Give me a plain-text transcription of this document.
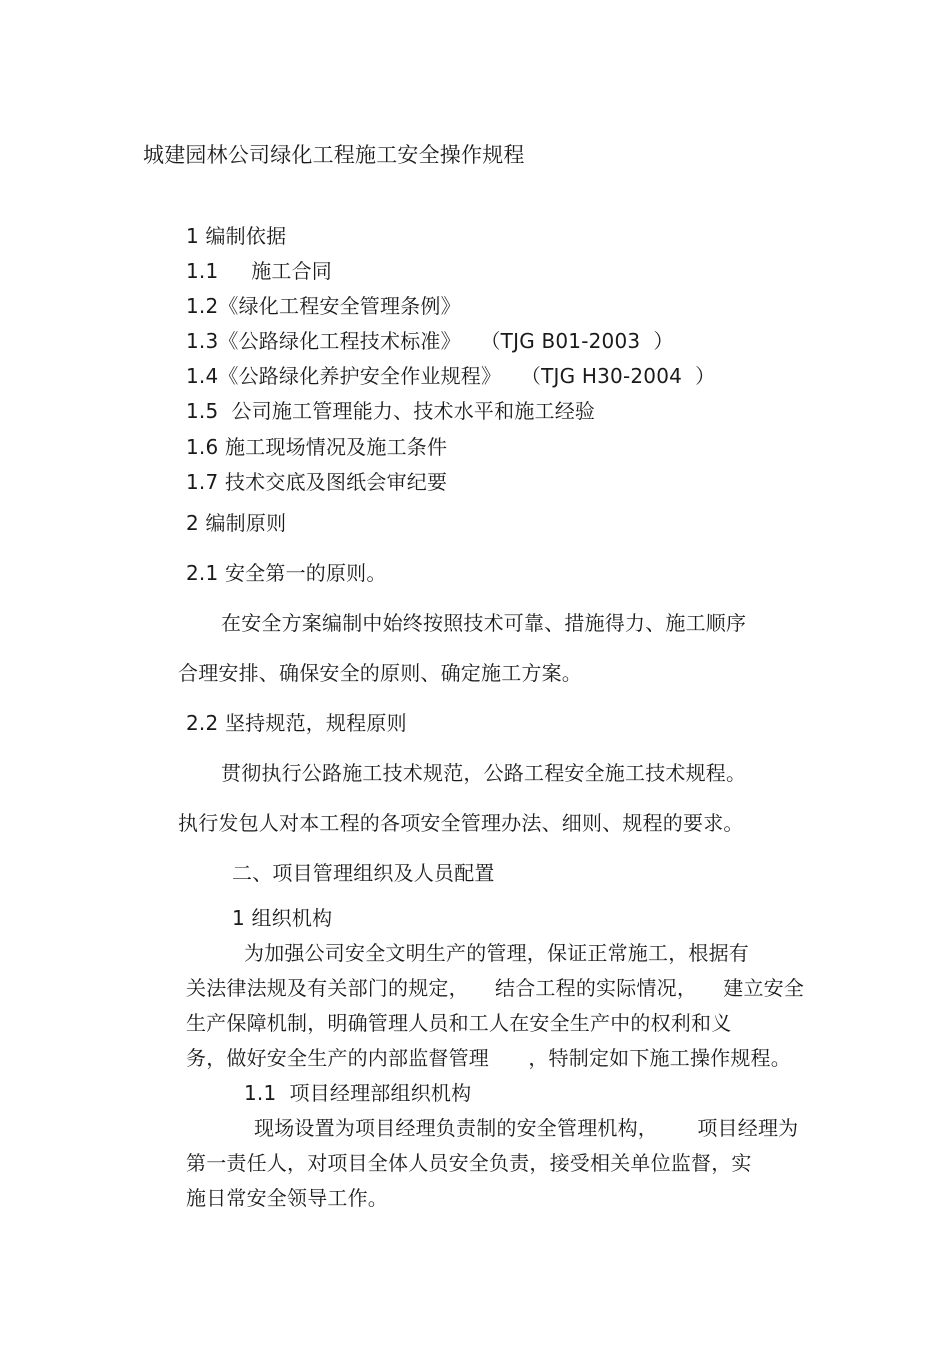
城建园林公司绿化工程施工安全操作规程
1 编制依据
1.1     施工合同
1.2《绿化工程安全管理条例》
1.3《公路绿化工程技术标准》   （TJG B01-2003  ）
1.4《公路绿化养护安全作业规程》   （TJG H30-2004  ）
1.5  公司施工管理能力、技术水平和施工经验
1.6 施工现场情况及施工条件
1.7 技术交底及图纸会审纪要
2 编制原则
2.1 安全第一的原则。
在安全方案编制中始终按照技术可靠、措施得力、施工顺序
合理安排、确保安全的原则、确定施工方案。
2.2 坚持规范，规程原则
贯彻执行公路施工技术规范，公路工程安全施工技术规程。
执行发包人对本工程的各项安全管理办法、细则、规程的要求。
二、项目管理组织及人员配置
1 组织机构
为加强公司安全文明生产的管理，保证正常施工，根据有
关法律法规及有关部门的规定，    结合工程的实际情况，    建立安全
生产保障机制，明确管理人员和工人在安全生产中的权利和义
务，做好安全生产的内部监督管理      ，特制定如下施工操作规程。
1.1  项目经理部组织机构
现场设置为项目经理负责制的安全管理机构，      项目经理为
第一责任人，对项目全体人员安全负责，接受相关单位监督，实
施日常安全领导工作。
